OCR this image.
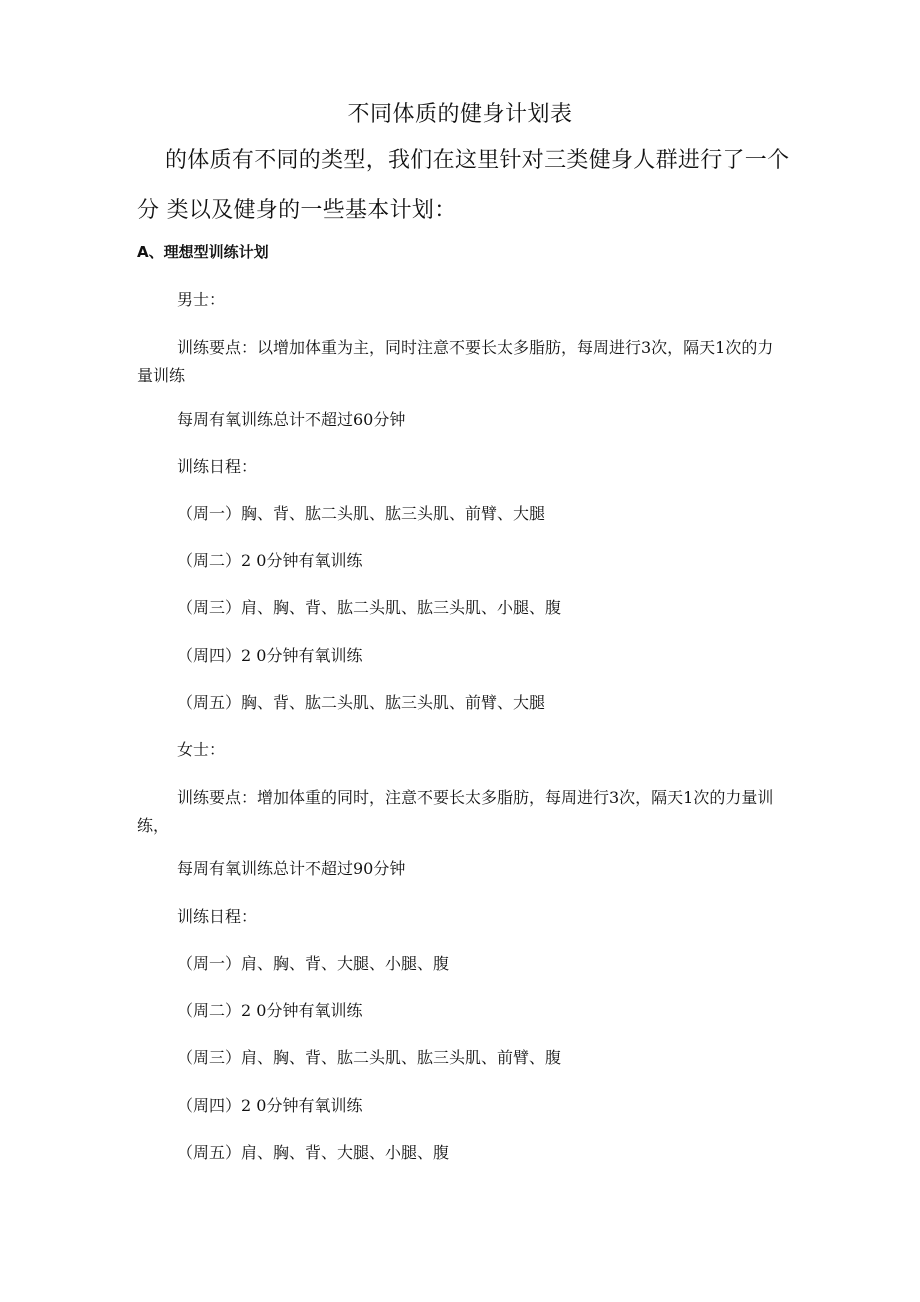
不同体质的健身计划表
的体质有不同的类型，我们在这里针对三类健身人群进行了一个
分 类以及健身的一些基本计划：
A、理想型训练计划
男士：
训练要点：以增加体重为主，同时注意不要长太多脂肪，每周进行3次，隔天1次的力量训练
每周有氧训练总计不超过60分钟
训练日程：
（周一）胸、背、肱二头肌、肱三头肌、前臂、大腿
（周二）2 0分钟有氧训练
（周三）肩、胸、背、肱二头肌、肱三头肌、小腿、腹
（周四）2 0分钟有氧训练
（周五）胸、背、肱二头肌、肱三头肌、前臂、大腿
女士：
训练要点：增加体重的同时，注意不要长太多脂肪，每周进行3次，隔天1次的力量训练，
每周有氧训练总计不超过90分钟
训练日程：
（周一）肩、胸、背、大腿、小腿、腹
（周二）2 0分钟有氧训练
（周三）肩、胸、背、肱二头肌、肱三头肌、前臂、腹
（周四）2 0分钟有氧训练
（周五）肩、胸、背、大腿、小腿、腹
